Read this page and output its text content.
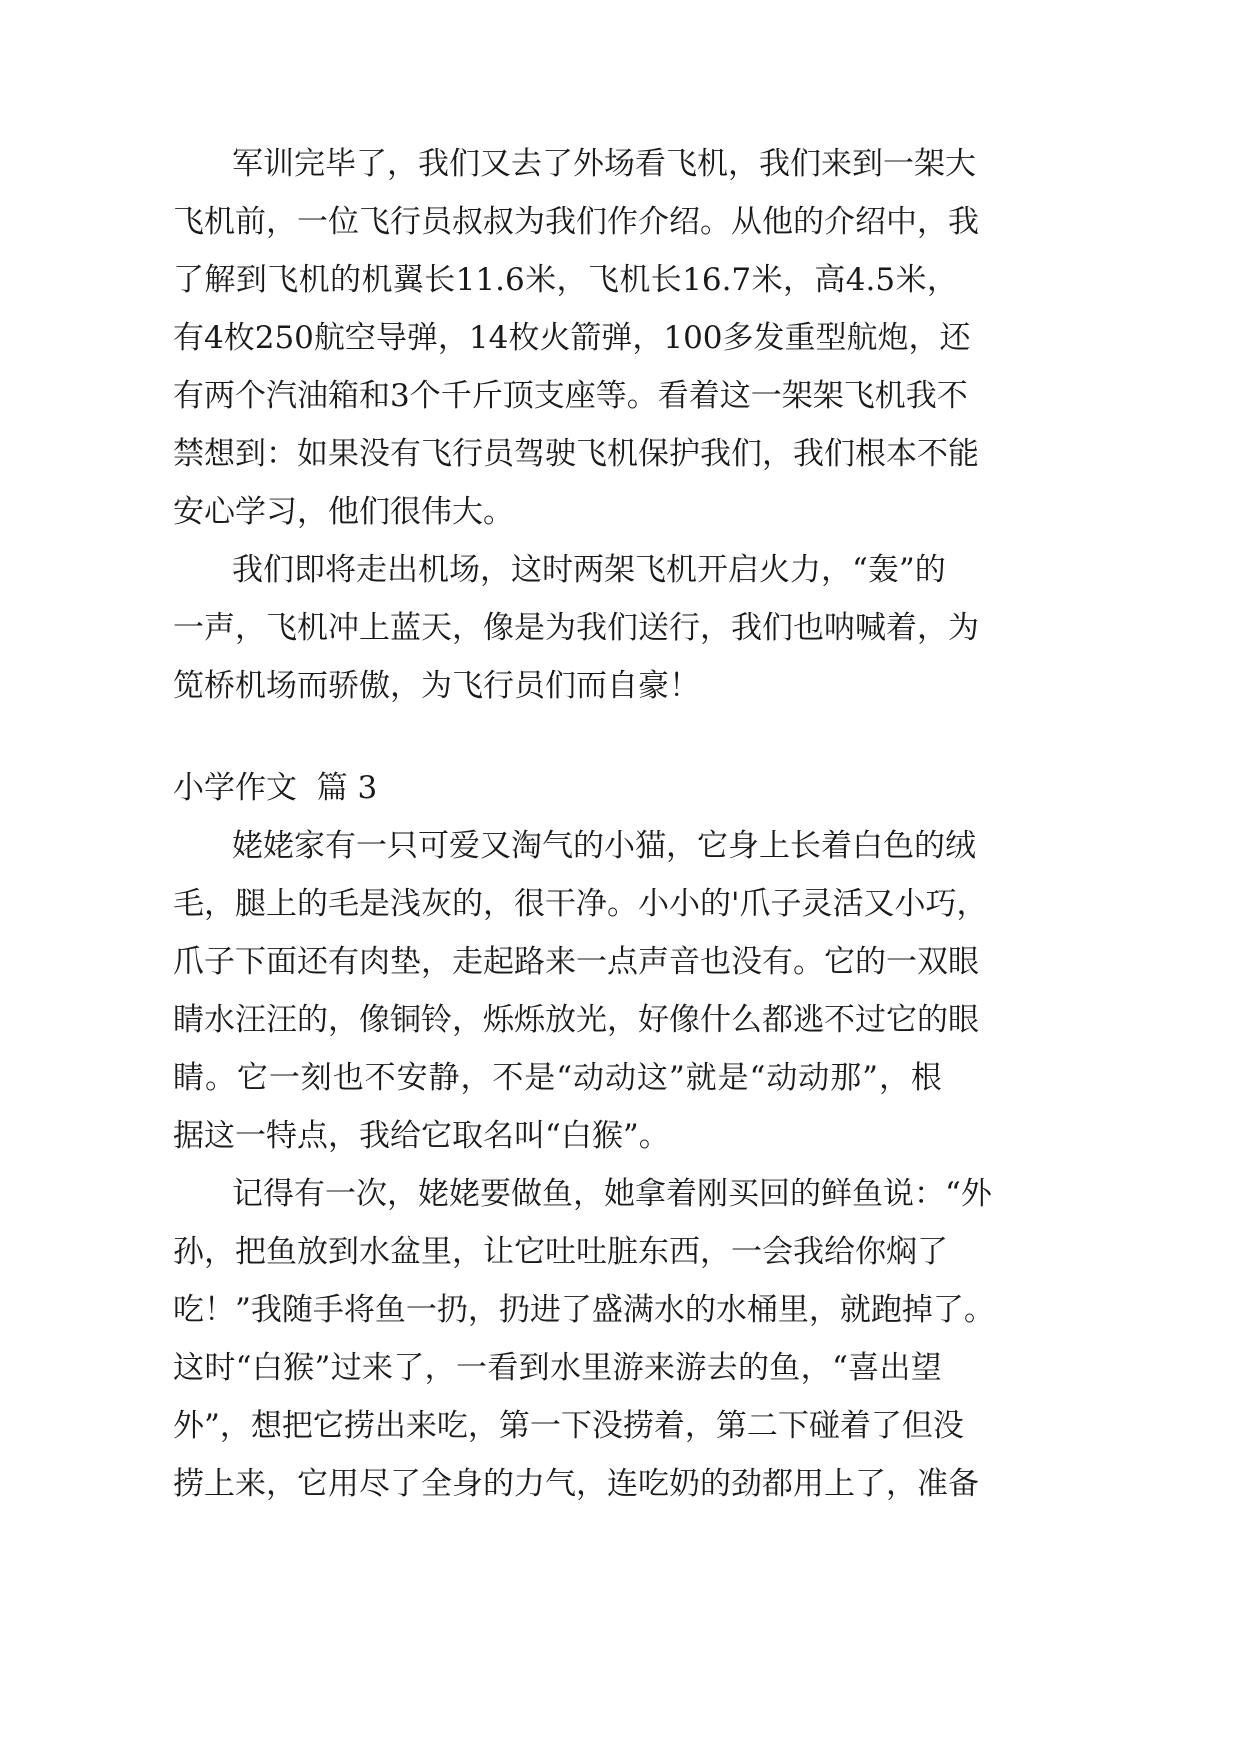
军 训 完 毕 了 ， 我 们 又 去 了 外 场 看 飞 机 ， 我 们 来 到 一 架 大
飞 机 前 ， 一 位 飞 行 员 叔 叔 为 我 们 作 介 绍 。 从 他 的 介 绍 中 ， 我
了 解 到 飞 机 的 机 翼 长 11.6 米 ， 飞 机 长 16.7 米 ， 高 4.5 米 ，
有 4 枚 250 航 空 导 弹 ， 14 枚 火 箭 弹 ， 100 多 发 重 型 航 炮 ， 还
有 两 个 汽 油 箱 和 3 个 千 斤 顶 支 座 等 。 看 着 这 一 架 架 飞 机 我 不
禁 想 到 ： 如 果 没 有 飞 行 员 驾 驶 飞 机 保 护 我 们 ， 我 们 根 本 不 能
安心学习，他们很伟大。
我 们 即 将 走 出 机 场 ， 这 时 两 架 飞 机 开 启 火 力 ， “ 轰 ” 的
一 声 ， 飞 机 冲 上 蓝 天 ， 像 是 为 我 们 送 行 ， 我 们 也 呐 喊 着 ， 为
笕桥机场而骄傲，为飞行员们而自豪！
小学作文  篇 3
姥 姥 家 有 一 只 可 爱 又 淘 气 的 小 猫 ， 它 身 上 长 着 白 色 的 绒
毛 ， 腿 上 的 毛 是 浅 灰 的 ， 很 干 净 。 小 小 的 ' 爪 子 灵 活 又 小 巧 ，
爪 子 下 面 还 有 肉 垫 ， 走 起 路 来 一 点 声 音 也 没 有 。 它 的 一 双 眼
睛 水 汪 汪 的 ， 像 铜 铃 ， 烁 烁 放 光 ， 好 像 什 么 都 逃 不 过 它 的 眼
睛 。 它 一 刻 也 不 安 静 ， 不 是 “ 动 动 这 ” 就 是 “ 动 动 那 ” ， 根
据这一特点，我给它取名叫“白猴”。
记 得 有 一 次 ， 姥 姥 要 做 鱼 ， 她 拿 着 刚 买 回 的 鲜 鱼 说 ： “ 外
孙 ， 把 鱼 放 到 水 盆 里 ， 让 它 吐 吐 脏 东 西 ， 一 会 我 给 你 焖 了
吃 ！ ” 我 随 手 将 鱼 一 扔 ， 扔 进 了 盛 满 水 的 水 桶 里 ， 就 跑 掉 了 。
这 时 “ 白 猴 ” 过 来 了 ， 一 看 到 水 里 游 来 游 去 的 鱼 ， “ 喜 出 望
外 ” ， 想 把 它 捞 出 来 吃 ， 第 一 下 没 捞 着 ， 第 二 下 碰 着 了 但 没
捞 上 来 ， 它 用 尽 了 全 身 的 力 气 ， 连 吃 奶 的 劲 都 用 上 了 ， 准 备
